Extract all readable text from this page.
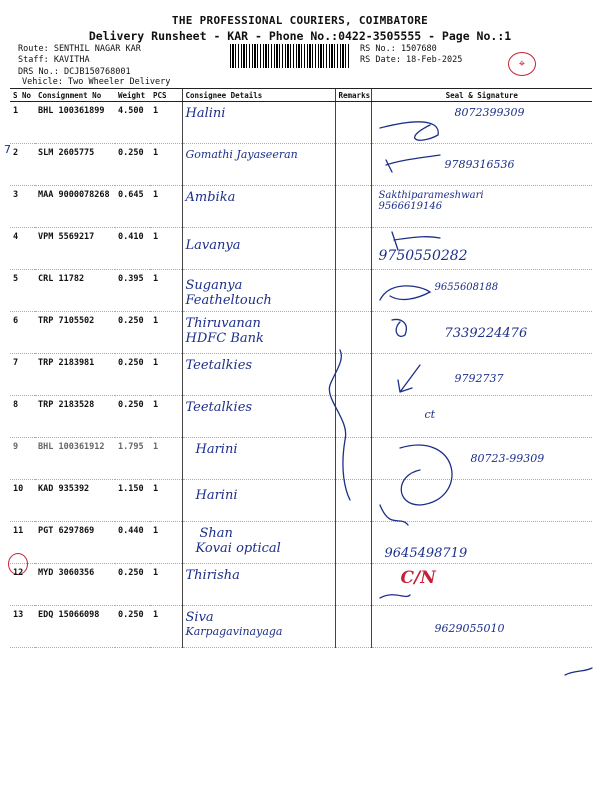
THE PROFESSIONAL COURIERS, COIMBATORE
Delivery Runsheet - KAR - Phone No.:0422-3505555 - Page No.:1
Route: SENTHIL NAGAR KAR
Staff: KAVITHA
DRS No.: DCJB150768001
Vehicle: Two Wheeler Delivery
RS No.: 1507680
RS Date: 18-Feb-2025	⌖
7
S No	Consignment No	Weight	PCS	Consignee Details	Remarks	Seal & Signature
1	BHL 100361899	4.500	1	Halini		8072399309
2	SLM 2605775	0.250	1	Gomathi Jayaseeran		9789316536
3	MAA 9000078268	0.645	1	Ambika		Sakthiparameshwari 9566619146

4	VPM 5569217	0.410	1	Lavanya		9750550282
5	CRL 11782	0.395	1	Suganya
Featheltouch		9655608188
6	TRP 7105502	0.250	1	Thiruvanan
HDFC Bank		7339224476
7	TRP 2183981	0.250	1	Teetalkies		9792737
8	TRP 2183528	0.250	1	Teetalkies		ct
9	BHL 100361912	1.795	1	Harini		80723-99309
10	KAD 935392	1.150	1	Harini		
11	PGT 6297869	0.440	1	Shan
Kovai optical		9645498719
12	MYD 3060356	0.250	1	Thirisha		C/N
13	EDQ 15066098	0.250	1	Siva
Karpagavinayaga		9629055010
